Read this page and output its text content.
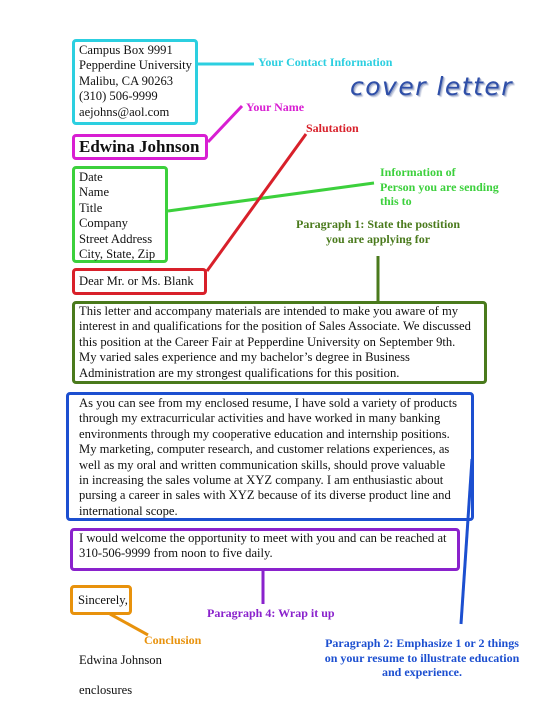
cover letter
Campus Box 9991
Pepperdine University
Malibu, CA 90263
(310) 506-9999
aejohns@aol.com
Your Contact Information
Edwina Johnson
Your Name
Salutation
Date
Name
Title
Company
Street Address
City, State, Zip
Information of
Person you are sending
this to
Paragraph 1: State the postition
you are applying for
Dear Mr. or Ms. Blank
This letter and accompany materials are intended to make you aware of my
interest in and qualifications for the position of Sales Associate. We discussed
this position at the Career Fair at Pepperdine University on September 9th.
My varied sales experience and my bachelor’s degree in Business
Administration are my strongest qualifications for this position.
As you can see from my enclosed resume, I have sold a variety of products
through my extracurricular activities and have worked in many banking
environments through my cooperative education and internship positions.
My marketing, computer research, and customer relations experiences, as
well as my oral and written communication skills, should prove valuable
in increasing the sales volume at XYZ company. I am enthusiastic about
pursing a career in sales with XYZ because of its diverse product line and
international scope.
I would welcome the opportunity to meet with you and can be reached at
310-506-9999 from noon to five daily.
Paragraph 4: Wrap it up
Sincerely,
Conclusion	Paragraph 2: Emphasize 1 or 2 things
on your resume to illustrate education
and experience.
Edwina Johnson
enclosures
